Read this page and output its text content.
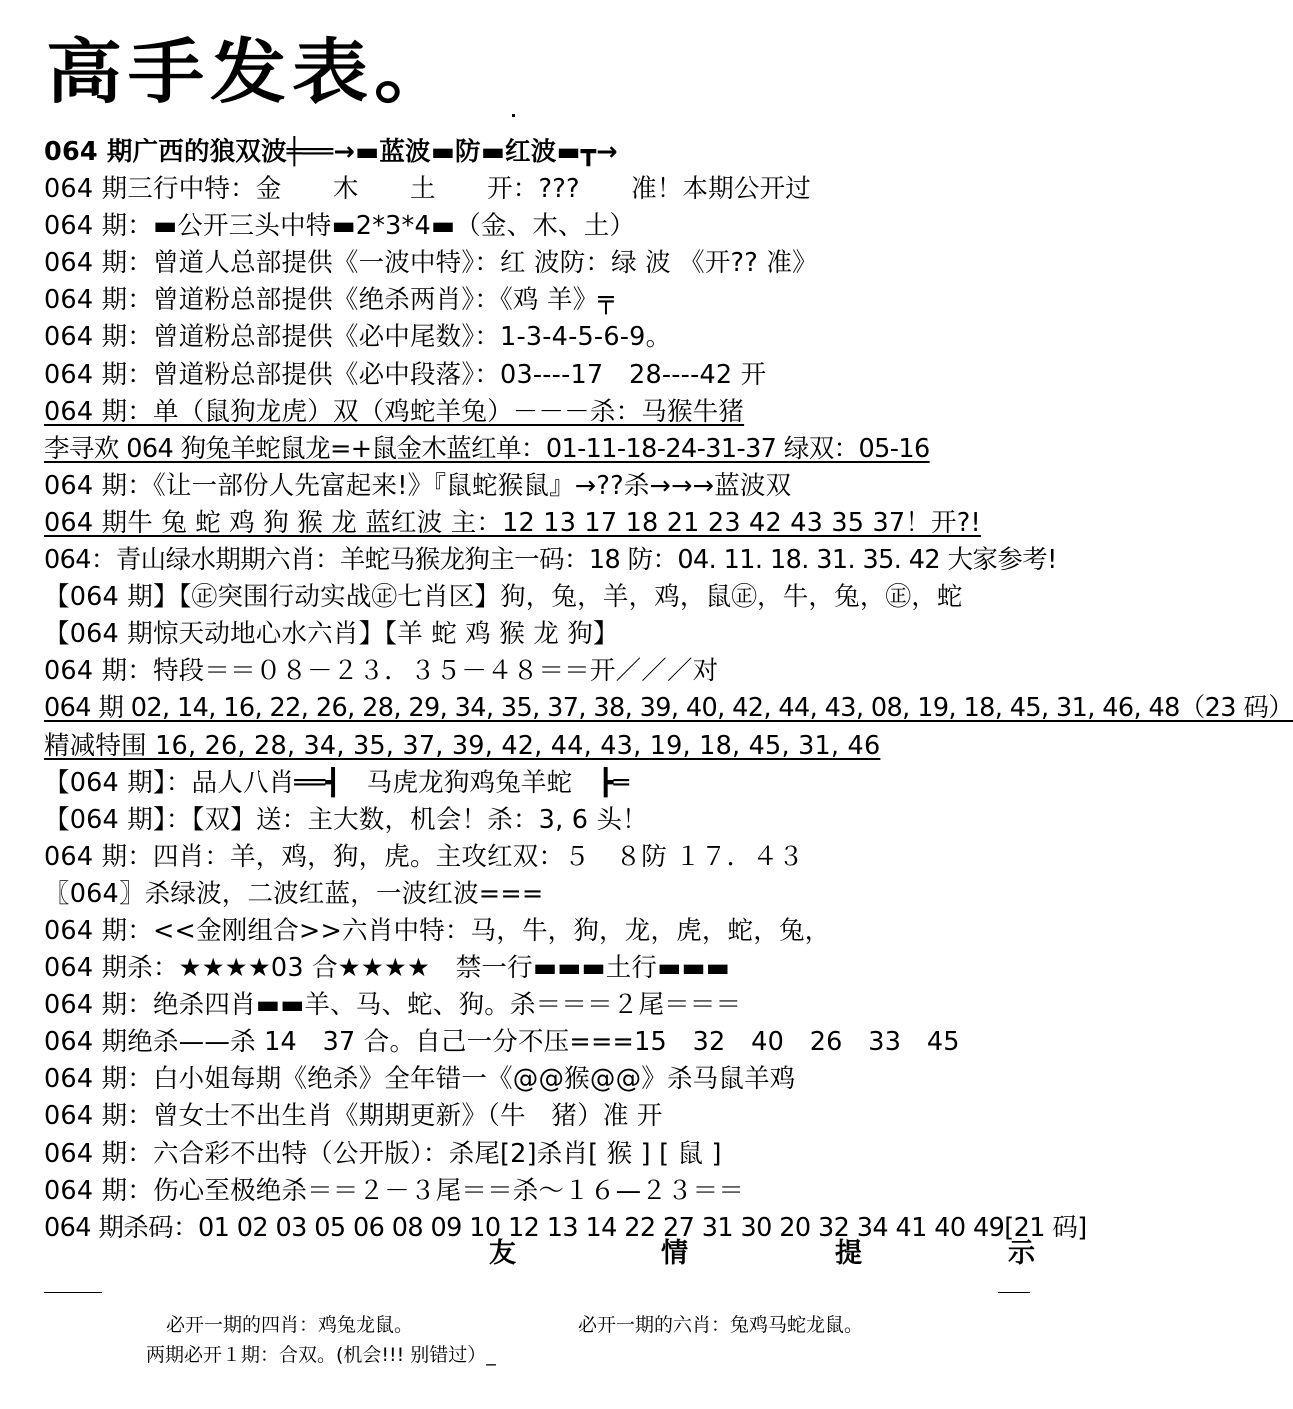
高手发表。
064 期广西的狼双波╪══→▬蓝波▬防▬红波▬┳→
064 期三行中特：金　　木　　土　　开：???　　准！本期公开过
064 期：▬公开三头中特▬2*3*4▬（金、木、土）
064 期：曾道人总部提供《一波中特》：红 波防：绿 波 《开?? 准》
064 期：曾道粉总部提供《绝杀两肖》：《鸡 羊》╤
064 期：曾道粉总部提供《必中尾数》：1-3-4-5-6-9。
064 期：曾道粉总部提供《必中段落》：03----17　28----42 开
064 期：单（鼠狗龙虎）双（鸡蛇羊兔）－－－杀：马猴牛猪
李寻欢 064 狗兔羊蛇鼠龙=+鼠金木蓝红单：01-11-18-24-31-37 绿双：05-16
064 期：《让一部份人先富起来!》『鼠蛇猴鼠』→??杀→→→蓝波双
064 期牛 兔 蛇 鸡 狗 猴 龙 蓝红波 主：12 13 17 18 21 23 42 43 35 37！开?!
064：青山绿水期期六肖：羊蛇马猴龙狗主一码：18 防：04. 11. 18. 31. 35. 42 大家参考!
【064 期】【㊣突围行动实战㊣七肖区】狗，兔，羊，鸡，鼠㊣，牛，兔，㊣，蛇
【064 期惊天动地心水六肖】【羊 蛇 鸡 猴 龙 狗】
064 期：特段＝＝０８－２３．３５－４８＝＝开／／／对
064 期 02, 14, 16, 22, 26, 28, 29, 34, 35, 37, 38, 39, 40, 42, 44, 43, 08, 19, 18, 45, 31, 46, 48（23 码）
精减特围 16, 26, 28, 34, 35, 37, 39, 42, 44, 43, 19, 18, 45, 31, 46
【064 期】：品人八肖══┫　马虎龙狗鸡兔羊蛇　┣═
【064 期】：【双】送：主大数，机会！杀：3, 6 头！
064 期：四肖：羊，鸡，狗，虎。主攻红双：５　８防 １７．４３
〖064〗杀绿波，二波红蓝，一波红波===
064 期：<<金刚组合>>六肖中特：马，牛，狗，龙，虎，蛇，兔，
064 期杀：★★★★03 合★★★★　禁一行▬▬▬土行▬▬▬
064 期：绝杀四肖▬▬羊、马、蛇、狗。杀＝＝＝２尾＝＝＝
064 期绝杀——杀 14　37 合。自己一分不压===15　32　40　26　33　45
064 期：白小姐每期《绝杀》全年错一《@@猴@@》杀马鼠羊鸡
064 期：曾女士不出生肖《期期更新》（牛　猪）准 开
064 期：六合彩不出特（公开版）：杀尾[2]杀肖[ 猴 ] [ 鼠 ]
064 期：伤心至极绝杀＝＝２－３尾＝＝杀～１６—２３＝＝
064 期杀码：01 02 03 05 06 08 09 10 12 13 14 22 27 31 30 20 32 34 41 40 49[21 码]
友	情	提	示
必开一期的四肖：鸡兔龙鼠。	必开一期的六肖：兔鸡马蛇龙鼠。
两期必开１期：合双。(机会!!! 别错过）_
